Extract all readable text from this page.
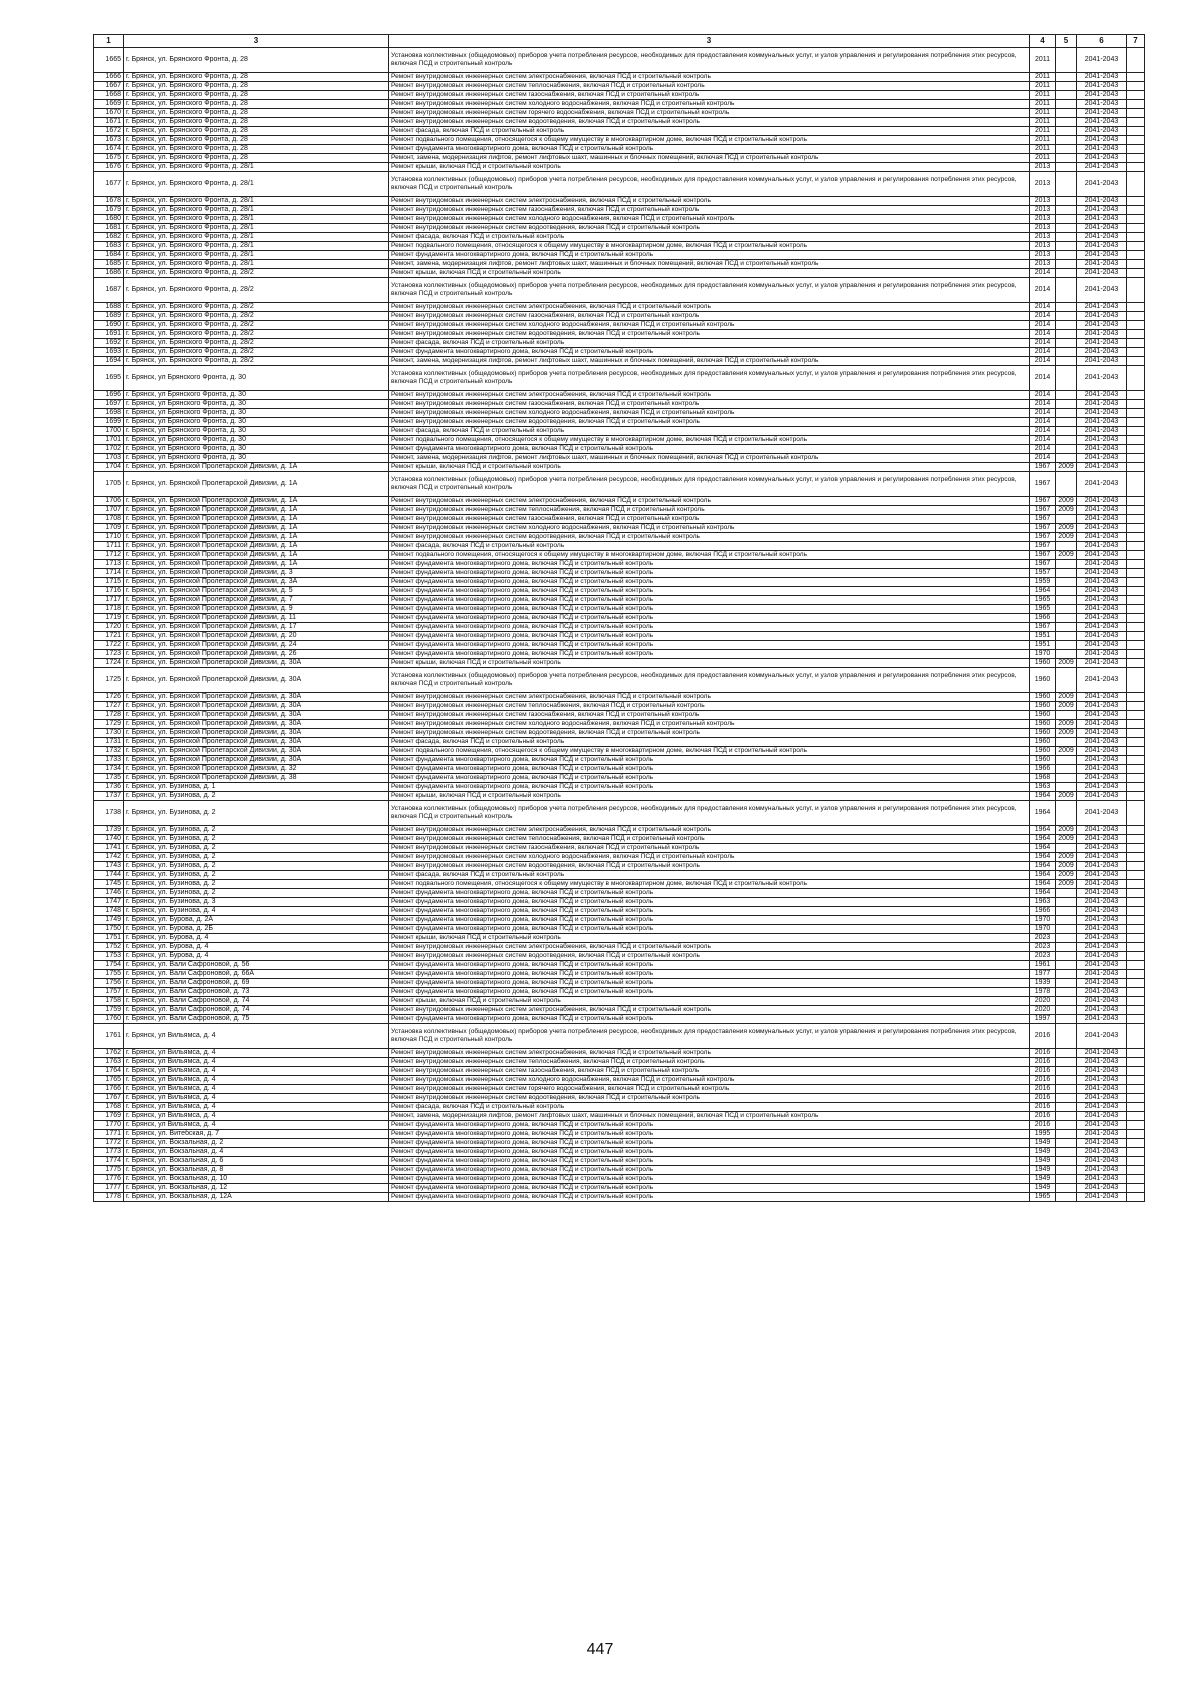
1	3	3	4	5	6	7
1665	г. Брянск, ул. Брянского Фронта, д. 28	Установка коллективных (общедомовых) приборов учета потребления ресурсов, необходимых для предоставления коммунальных услуг, и узлов управления и регулирования потребления этих ресурсов, включая ПСД и строительный контроль	2011		2041-2043	
1666	г. Брянск, ул. Брянского Фронта, д. 28	Ремонт внутридомовых инженерных систем электроснабжения, включая ПСД и строительный контроль	2011		2041-2043	
1667	г. Брянск, ул. Брянского Фронта, д. 28	Ремонт внутридомовых инженерных систем теплоснабжения, включая ПСД и строительный контроль	2011		2041-2043	
1668	г. Брянск, ул. Брянского Фронта, д. 28	Ремонт внутридомовых инженерных систем газоснабжения, включая ПСД и строительный контроль	2011		2041-2043	
1669	г. Брянск, ул. Брянского Фронта, д. 28	Ремонт внутридомовых инженерных систем холодного водоснабжения, включая ПСД и строительный контроль	2011		2041-2043	
1670	г. Брянск, ул. Брянского Фронта, д. 28	Ремонт внутридомовых инженерных систем горячего водоснабжения, включая ПСД и строительный контроль	2011		2041-2043	
1671	г. Брянск, ул. Брянского Фронта, д. 28	Ремонт внутридомовых инженерных систем водоотведения, включая ПСД и строительный контроль	2011		2041-2043	
1672	г. Брянск, ул. Брянского Фронта, д. 28	Ремонт фасада, включая ПСД и строительный контроль	2011		2041-2043	
1673	г. Брянск, ул. Брянского Фронта, д. 28	Ремонт подвального помещения, относящегося к общему имуществу в многоквартирном доме, включая ПСД и строительный контроль	2011		2041-2043	
1674	г. Брянск, ул. Брянского Фронта, д. 28	Ремонт фундамента многоквартирного дома, включая ПСД и строительный контроль	2011		2041-2043	
1675	г. Брянск, ул. Брянского Фронта, д. 28	Ремонт, замена, модернизация лифтов, ремонт лифтовых шахт, машинных и блочных помещений, включая ПСД и строительный контроль	2011		2041-2043	
1676	г. Брянск, ул. Брянского Фронта, д. 28/1	Ремонт крыши, включая ПСД и строительный контроль	2013		2041-2043	
1677	г. Брянск, ул. Брянского Фронта, д. 28/1	Установка коллективных (общедомовых) приборов учета потребления ресурсов, необходимых для предоставления коммунальных услуг, и узлов управления и регулирования потребления этих ресурсов, включая ПСД и строительный контроль	2013		2041-2043	
1678	г. Брянск, ул. Брянского Фронта, д. 28/1	Ремонт внутридомовых инженерных систем электроснабжения, включая ПСД и строительный контроль	2013		2041-2043	
1679	г. Брянск, ул. Брянского Фронта, д. 28/1	Ремонт внутридомовых инженерных систем газоснабжения, включая ПСД и строительный контроль	2013		2041-2043	
1680	г. Брянск, ул. Брянского Фронта, д. 28/1	Ремонт внутридомовых инженерных систем холодного водоснабжения, включая ПСД и строительный контроль	2013		2041-2043	
1681	г. Брянск, ул. Брянского Фронта, д. 28/1	Ремонт внутридомовых инженерных систем водоотведения, включая ПСД и строительный контроль	2013		2041-2043	
1682	г. Брянск, ул. Брянского Фронта, д. 28/1	Ремонт фасада, включая ПСД и строительный контроль	2013		2041-2043	
1683	г. Брянск, ул. Брянского Фронта, д. 28/1	Ремонт подвального помещения, относящегося к общему имуществу в многоквартирном доме, включая ПСД и строительный контроль	2013		2041-2043	
1684	г. Брянск, ул. Брянского Фронта, д. 28/1	Ремонт фундамента многоквартирного дома, включая ПСД и строительный контроль	2013		2041-2043	
1685	г. Брянск, ул. Брянского Фронта, д. 28/1	Ремонт, замена, модернизация лифтов, ремонт лифтовых шахт, машинных и блочных помещений, включая ПСД и строительный контроль	2013		2041-2043	
1686	г. Брянск, ул. Брянского Фронта, д. 28/2	Ремонт крыши, включая ПСД и строительный контроль	2014		2041-2043	
1687	г. Брянск, ул. Брянского Фронта, д. 28/2	Установка коллективных (общедомовых) приборов учета потребления ресурсов, необходимых для предоставления коммунальных услуг, и узлов управления и регулирования потребления этих ресурсов, включая ПСД и строительный контроль	2014		2041-2043	
1688	г. Брянск, ул. Брянского Фронта, д. 28/2	Ремонт внутридомовых инженерных систем электроснабжения, включая ПСД и строительный контроль	2014		2041-2043	
1689	г. Брянск, ул. Брянского Фронта, д. 28/2	Ремонт внутридомовых инженерных систем газоснабжения, включая ПСД и строительный контроль	2014		2041-2043	
1690	г. Брянск, ул. Брянского Фронта, д. 28/2	Ремонт внутридомовых инженерных систем холодного водоснабжения, включая ПСД и строительный контроль	2014		2041-2043	
1691	г. Брянск, ул. Брянского Фронта, д. 28/2	Ремонт внутридомовых инженерных систем водоотведения, включая ПСД и строительный контроль	2014		2041-2043	
1692	г. Брянск, ул. Брянского Фронта, д. 28/2	Ремонт фасада, включая ПСД и строительный контроль	2014		2041-2043	
1693	г. Брянск, ул. Брянского Фронта, д. 28/2	Ремонт фундамента многоквартирного дома, включая ПСД и строительный контроль	2014		2041-2043	
1694	г. Брянск, ул. Брянского Фронта, д. 28/2	Ремонт, замена, модернизация лифтов, ремонт лифтовых шахт, машинных и блочных помещений, включая ПСД и строительный контроль	2014		2041-2043	
1695	г. Брянск, ул Брянского Фронта, д. 30	Установка коллективных (общедомовых) приборов учета потребления ресурсов, необходимых для предоставления коммунальных услуг, и узлов управления и регулирования потребления этих ресурсов, включая ПСД и строительный контроль	2014		2041-2043	
1696	г. Брянск, ул Брянского Фронта, д. 30	Ремонт внутридомовых инженерных систем электроснабжения, включая ПСД и строительный контроль	2014		2041-2043	
1697	г. Брянск, ул Брянского Фронта, д. 30	Ремонт внутридомовых инженерных систем газоснабжения, включая ПСД и строительный контроль	2014		2041-2043	
1698	г. Брянск, ул Брянского Фронта, д. 30	Ремонт внутридомовых инженерных систем холодного водоснабжения, включая ПСД и строительный контроль	2014		2041-2043	
1699	г. Брянск, ул Брянского Фронта, д. 30	Ремонт внутридомовых инженерных систем водоотведения, включая ПСД и строительный контроль	2014		2041-2043	
1700	г. Брянск, ул Брянского Фронта, д. 30	Ремонт фасада, включая ПСД и строительный контроль	2014		2041-2043	
1701	г. Брянск, ул Брянского Фронта, д. 30	Ремонт подвального помещения, относящегося к общему имуществу в многоквартирном доме, включая ПСД и строительный контроль	2014		2041-2043	
1702	г. Брянск, ул Брянского Фронта, д. 30	Ремонт фундамента многоквартирного дома, включая ПСД и строительный контроль	2014		2041-2043	
1703	г. Брянск, ул Брянского Фронта, д. 30	Ремонт, замена, модернизация лифтов, ремонт лифтовых шахт, машинных и блочных помещений, включая ПСД и строительный контроль	2014		2041-2043	
1704	г. Брянск, ул. Брянской Пролетарской Дивизии, д. 1А	Ремонт крыши, включая ПСД и строительный контроль	1967	2009	2041-2043	
1705	г. Брянск, ул. Брянской Пролетарской Дивизии, д. 1А	Установка коллективных (общедомовых) приборов учета потребления ресурсов, необходимых для предоставления коммунальных услуг, и узлов управления и регулирования потребления этих ресурсов, включая ПСД и строительный контроль	1967		2041-2043	
1706	г. Брянск, ул. Брянской Пролетарской Дивизии, д. 1А	Ремонт внутридомовых инженерных систем электроснабжения, включая ПСД и строительный контроль	1967	2009	2041-2043	
1707	г. Брянск, ул. Брянской Пролетарской Дивизии, д. 1А	Ремонт внутридомовых инженерных систем теплоснабжения, включая ПСД и строительный контроль	1967	2009	2041-2043	
1708	г. Брянск, ул. Брянской Пролетарской Дивизии, д. 1А	Ремонт внутридомовых инженерных систем газоснабжения, включая ПСД и строительный контроль	1967		2041-2043	
1709	г. Брянск, ул. Брянской Пролетарской Дивизии, д. 1А	Ремонт внутридомовых инженерных систем холодного водоснабжения, включая ПСД и строительный контроль	1967	2009	2041-2043	
1710	г. Брянск, ул. Брянской Пролетарской Дивизии, д. 1А	Ремонт внутридомовых инженерных систем водоотведения, включая ПСД и строительный контроль	1967	2009	2041-2043	
1711	г. Брянск, ул. Брянской Пролетарской Дивизии, д. 1А	Ремонт фасада, включая ПСД и строительный контроль	1967		2041-2043	
1712	г. Брянск, ул. Брянской Пролетарской Дивизии, д. 1А	Ремонт подвального помещения, относящегося к общему имуществу в многоквартирном доме, включая ПСД и строительный контроль	1967	2009	2041-2043	
1713	г. Брянск, ул. Брянской Пролетарской Дивизии, д. 1А	Ремонт фундамента многоквартирного дома, включая ПСД и строительный контроль	1967		2041-2043	
1714	г. Брянск, ул. Брянской Пролетарской Дивизии, д. 3	Ремонт фундамента многоквартирного дома, включая ПСД и строительный контроль	1957		2041-2043	
1715	г. Брянск, ул. Брянской Пролетарской Дивизии, д. 3А	Ремонт фундамента многоквартирного дома, включая ПСД и строительный контроль	1959		2041-2043	
1716	г. Брянск, ул. Брянской Пролетарской Дивизии, д. 5	Ремонт фундамента многоквартирного дома, включая ПСД и строительный контроль	1964		2041-2043	
1717	г. Брянск, ул. Брянской Пролетарской Дивизии, д. 7	Ремонт фундамента многоквартирного дома, включая ПСД и строительный контроль	1965		2041-2043	
1718	г. Брянск, ул. Брянской Пролетарской Дивизии, д. 9	Ремонт фундамента многоквартирного дома, включая ПСД и строительный контроль	1965		2041-2043	
1719	г. Брянск, ул. Брянской Пролетарской Дивизии, д. 11	Ремонт фундамента многоквартирного дома, включая ПСД и строительный контроль	1966		2041-2043	
1720	г. Брянск, ул. Брянской Пролетарской Дивизии, д. 17	Ремонт фундамента многоквартирного дома, включая ПСД и строительный контроль	1967		2041-2043	
1721	г. Брянск, ул. Брянской Пролетарской Дивизии, д. 20	Ремонт фундамента многоквартирного дома, включая ПСД и строительный контроль	1951		2041-2043	
1722	г. Брянск, ул. Брянской Пролетарской Дивизии, д. 24	Ремонт фундамента многоквартирного дома, включая ПСД и строительный контроль	1951		2041-2043	
1723	г. Брянск, ул. Брянской Пролетарской Дивизии, д. 26	Ремонт фундамента многоквартирного дома, включая ПСД и строительный контроль	1970		2041-2043	
1724	г. Брянск, ул. Брянской Пролетарской Дивизии, д. 30А	Ремонт крыши, включая ПСД и строительный контроль	1960	2009	2041-2043	
1725	г. Брянск, ул. Брянской Пролетарской Дивизии, д. 30А	Установка коллективных (общедомовых) приборов учета потребления ресурсов, необходимых для предоставления коммунальных услуг, и узлов управления и регулирования потребления этих ресурсов, включая ПСД и строительный контроль	1960		2041-2043	
1726	г. Брянск, ул. Брянской Пролетарской Дивизии, д. 30А	Ремонт внутридомовых инженерных систем электроснабжения, включая ПСД и строительный контроль	1960	2009	2041-2043	
1727	г. Брянск, ул. Брянской Пролетарской Дивизии, д. 30А	Ремонт внутридомовых инженерных систем теплоснабжения, включая ПСД и строительный контроль	1960	2009	2041-2043	
1728	г. Брянск, ул. Брянской Пролетарской Дивизии, д. 30А	Ремонт внутридомовых инженерных систем газоснабжения, включая ПСД и строительный контроль	1960		2041-2043	
1729	г. Брянск, ул. Брянской Пролетарской Дивизии, д. 30А	Ремонт внутридомовых инженерных систем холодного водоснабжения, включая ПСД и строительный контроль	1960	2009	2041-2043	
1730	г. Брянск, ул. Брянской Пролетарской Дивизии, д. 30А	Ремонт внутридомовых инженерных систем водоотведения, включая ПСД и строительный контроль	1960	2009	2041-2043	
1731	г. Брянск, ул. Брянской Пролетарской Дивизии, д. 30А	Ремонт фасада, включая ПСД и строительный контроль	1960		2041-2043	
1732	г. Брянск, ул. Брянской Пролетарской Дивизии, д. 30А	Ремонт подвального помещения, относящегося к общему имуществу в многоквартирном доме, включая ПСД и строительный контроль	1960	2009	2041-2043	
1733	г. Брянск, ул. Брянской Пролетарской Дивизии, д. 30А	Ремонт фундамента многоквартирного дома, включая ПСД и строительный контроль	1960		2041-2043	
1734	г. Брянск, ул. Брянской Пролетарской Дивизии, д. 32	Ремонт фундамента многоквартирного дома, включая ПСД и строительный контроль	1966		2041-2043	
1735	г. Брянск, ул. Брянской Пролетарской Дивизии, д. 38	Ремонт фундамента многоквартирного дома, включая ПСД и строительный контроль	1968		2041-2043	
1736	г. Брянск, ул. Бузинова, д. 1	Ремонт фундамента многоквартирного дома, включая ПСД и строительный контроль	1963		2041-2043	
1737	г. Брянск, ул. Бузинова, д. 2	Ремонт крыши, включая ПСД и строительный контроль	1964	2009	2041-2043	
1738	г. Брянск, ул. Бузинова, д. 2	Установка коллективных (общедомовых) приборов учета потребления ресурсов, необходимых для предоставления коммунальных услуг, и узлов управления и регулирования потребления этих ресурсов, включая ПСД и строительный контроль	1964		2041-2043	
1739	г. Брянск, ул. Бузинова, д. 2	Ремонт внутридомовых инженерных систем электроснабжения, включая ПСД и строительный контроль	1964	2009	2041-2043	
1740	г. Брянск, ул. Бузинова, д. 2	Ремонт внутридомовых инженерных систем теплоснабжения, включая ПСД и строительный контроль	1964	2009	2041-2043	
1741	г. Брянск, ул. Бузинова, д. 2	Ремонт внутридомовых инженерных систем газоснабжения, включая ПСД и строительный контроль	1964		2041-2043	
1742	г. Брянск, ул. Бузинова, д. 2	Ремонт внутридомовых инженерных систем холодного водоснабжения, включая ПСД и строительный контроль	1964	2009	2041-2043	
1743	г. Брянск, ул. Бузинова, д. 2	Ремонт внутридомовых инженерных систем водоотведения, включая ПСД и строительный контроль	1964	2009	2041-2043	
1744	г. Брянск, ул. Бузинова, д. 2	Ремонт фасада, включая ПСД и строительный контроль	1964	2009	2041-2043	
1745	г. Брянск, ул. Бузинова, д. 2	Ремонт подвального помещения, относящегося к общему имуществу в многоквартирном доме, включая ПСД и строительный контроль	1964	2009	2041-2043	
1746	г. Брянск, ул. Бузинова, д. 2	Ремонт фундамента многоквартирного дома, включая ПСД и строительный контроль	1964		2041-2043	
1747	г. Брянск, ул. Бузинова, д. 3	Ремонт фундамента многоквартирного дома, включая ПСД и строительный контроль	1963		2041-2043	
1748	г. Брянск, ул. Бузинова, д. 4	Ремонт фундамента многоквартирного дома, включая ПСД и строительный контроль	1966		2041-2043	
1749	г. Брянск, ул. Бурова, д. 2А	Ремонт фундамента многоквартирного дома, включая ПСД и строительный контроль	1970		2041-2043	
1750	г. Брянск, ул. Бурова, д. 2Б	Ремонт фундамента многоквартирного дома, включая ПСД и строительный контроль	1970		2041-2043	
1751	г. Брянск, ул. Бурова, д. 4	Ремонт крыши, включая ПСД и строительный контроль	2023		2041-2043	
1752	г. Брянск, ул. Бурова, д. 4	Ремонт внутридомовых инженерных систем электроснабжения, включая ПСД и строительный контроль	2023		2041-2043	
1753	г. Брянск, ул. Бурова, д. 4	Ремонт внутридомовых инженерных систем водоотведения, включая ПСД и строительный контроль	2023		2041-2043	
1754	г. Брянск, ул. Вали Сафроновой, д. 56	Ремонт фундамента многоквартирного дома, включая ПСД и строительный контроль	1961		2041-2043	
1755	г. Брянск, ул. Вали Сафроновой, д. 66А	Ремонт фундамента многоквартирного дома, включая ПСД и строительный контроль	1977		2041-2043	
1756	г. Брянск, ул. Вали Сафроновой, д. 69	Ремонт фундамента многоквартирного дома, включая ПСД и строительный контроль	1939		2041-2043	
1757	г. Брянск, ул. Вали Сафроновой, д. 73	Ремонт фундамента многоквартирного дома, включая ПСД и строительный контроль	1978		2041-2043	
1758	г. Брянск, ул. Вали Сафроновой, д. 74	Ремонт крыши, включая ПСД и строительный контроль	2020		2041-2043	
1759	г. Брянск, ул. Вали Сафроновой, д. 74	Ремонт внутридомовых инженерных систем электроснабжения, включая ПСД и строительный контроль	2020		2041-2043	
1760	г. Брянск, ул. Вали Сафроновой, д. 75	Ремонт фундамента многоквартирного дома, включая ПСД и строительный контроль	1997		2041-2043	
1761	г. Брянск, ул Вильямса, д. 4	Установка коллективных (общедомовых) приборов учета потребления ресурсов, необходимых для предоставления коммунальных услуг, и узлов управления и регулирования потребления этих ресурсов, включая ПСД и строительный контроль	2016		2041-2043	
1762	г. Брянск, ул Вильямса, д. 4	Ремонт внутридомовых инженерных систем электроснабжения, включая ПСД и строительный контроль	2016		2041-2043	
1763	г. Брянск, ул Вильямса, д. 4	Ремонт внутридомовых инженерных систем теплоснабжения, включая ПСД и строительный контроль	2016		2041-2043	
1764	г. Брянск, ул Вильямса, д. 4	Ремонт внутридомовых инженерных систем газоснабжения, включая ПСД и строительный контроль	2016		2041-2043	
1765	г. Брянск, ул Вильямса, д. 4	Ремонт внутридомовых инженерных систем холодного водоснабжения, включая ПСД и строительный контроль	2016		2041-2043	
1766	г. Брянск, ул Вильямса, д. 4	Ремонт внутридомовых инженерных систем горячего водоснабжения, включая ПСД и строительный контроль	2016		2041-2043	
1767	г. Брянск, ул Вильямса, д. 4	Ремонт внутридомовых инженерных систем водоотведения, включая ПСД и строительный контроль	2016		2041-2043	
1768	г. Брянск, ул Вильямса, д. 4	Ремонт фасада, включая ПСД и строительный контроль	2016		2041-2043	
1769	г. Брянск, ул Вильямса, д. 4	Ремонт, замена, модернизация лифтов, ремонт лифтовых шахт, машинных и блочных помещений, включая ПСД и строительный контроль	2016		2041-2043	
1770	г. Брянск, ул Вильямса, д. 4	Ремонт фундамента многоквартирного дома, включая ПСД и строительный контроль	2016		2041-2043	
1771	г. Брянск, ул. Витебская, д. 7	Ремонт фундамента многоквартирного дома, включая ПСД и строительный контроль	1995		2041-2043	
1772	г. Брянск, ул. Вокзальная, д. 2	Ремонт фундамента многоквартирного дома, включая ПСД и строительный контроль	1949		2041-2043	
1773	г. Брянск, ул. Вокзальная, д. 4	Ремонт фундамента многоквартирного дома, включая ПСД и строительный контроль	1949		2041-2043	
1774	г. Брянск, ул. Вокзальная, д. 6	Ремонт фундамента многоквартирного дома, включая ПСД и строительный контроль	1949		2041-2043	
1775	г. Брянск, ул. Вокзальная, д. 8	Ремонт фундамента многоквартирного дома, включая ПСД и строительный контроль	1949		2041-2043	
1776	г. Брянск, ул. Вокзальная, д. 10	Ремонт фундамента многоквартирного дома, включая ПСД и строительный контроль	1949		2041-2043	
1777	г. Брянск, ул. Вокзальная, д. 12	Ремонт фундамента многоквартирного дома, включая ПСД и строительный контроль	1949		2041-2043	
1778	г. Брянск, ул. Вокзальная, д. 12А	Ремонт фундамента многоквартирного дома, включая ПСД и строительный контроль	1965		2041-2043	
447
